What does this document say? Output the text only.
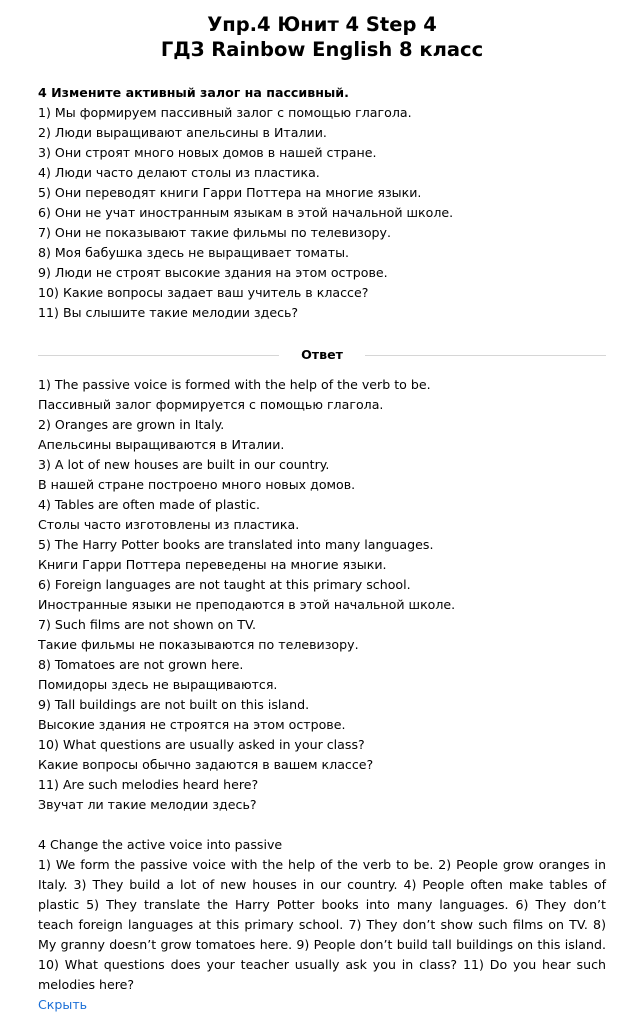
Упр.4 Юнит 4 Step 4
ГДЗ Rainbow English 8 класс
4 Измените активный залог на пассивный.
1) Мы формируем пассивный залог с помощью глагола.
2) Люди выращивают апельсины в Италии.
3) Они строят много новых домов в нашей стране.
4) Люди часто делают столы из пластика.
5) Они переводят книги Гарри Поттера на многие языки.
6) Они не учат иностранным языкам в этой начальной школе.
7) Они не показывают такие фильмы по телевизору.
8) Моя бабушка здесь не выращивает томаты.
9) Люди не строят высокие здания на этом острове.
10) Какие вопросы задает ваш учитель в классе?
11) Вы слышите такие мелодии здесь?
Ответ
1) The passive voice is formed with the help of the verb to be.
Пассивный залог формируется с помощью глагола.
2) Oranges are grown in Italy.
Апельсины выращиваются в Италии.
3) A lot of new houses are built in our country.
В нашей стране построено много новых домов.
4) Tables are often made of plastic.
Столы часто изготовлены из пластика.
5) The Harry Potter books are translated into many languages.
Книги Гарри Поттера переведены на многие языки.
6) Foreign languages are not taught at this primary school.
Иностранные языки не преподаются в этой начальной школе.
7) Such films are not shown on TV.
Такие фильмы не показываются по телевизору.
8) Tomatoes are not grown here.
Помидоры здесь не выращиваются.
9) Tall buildings are not built on this island.
Высокие здания не строятся на этом острове.
10) What questions are usually asked in your class?
Какие вопросы обычно задаются в вашем классе?
11) Are such melodies heard here?
Звучат ли такие мелодии здесь?
4 Change the active voice into passive
1) We form the passive voice with the help of the verb to be. 2) People grow oranges in Italy. 3) They build a lot of new houses in our country. 4) People often make tables of plastic 5) They translate the Harry Potter books into many languages. 6) They don’t teach foreign languages at this primary school. 7) They don’t show such films on TV. 8) My granny doesn’t grow tomatoes here. 9) People don’t build tall buildings on this island. 10) What questions does your teacher usually ask you in class? 11) Do you hear such melodies here?
Скрыть
